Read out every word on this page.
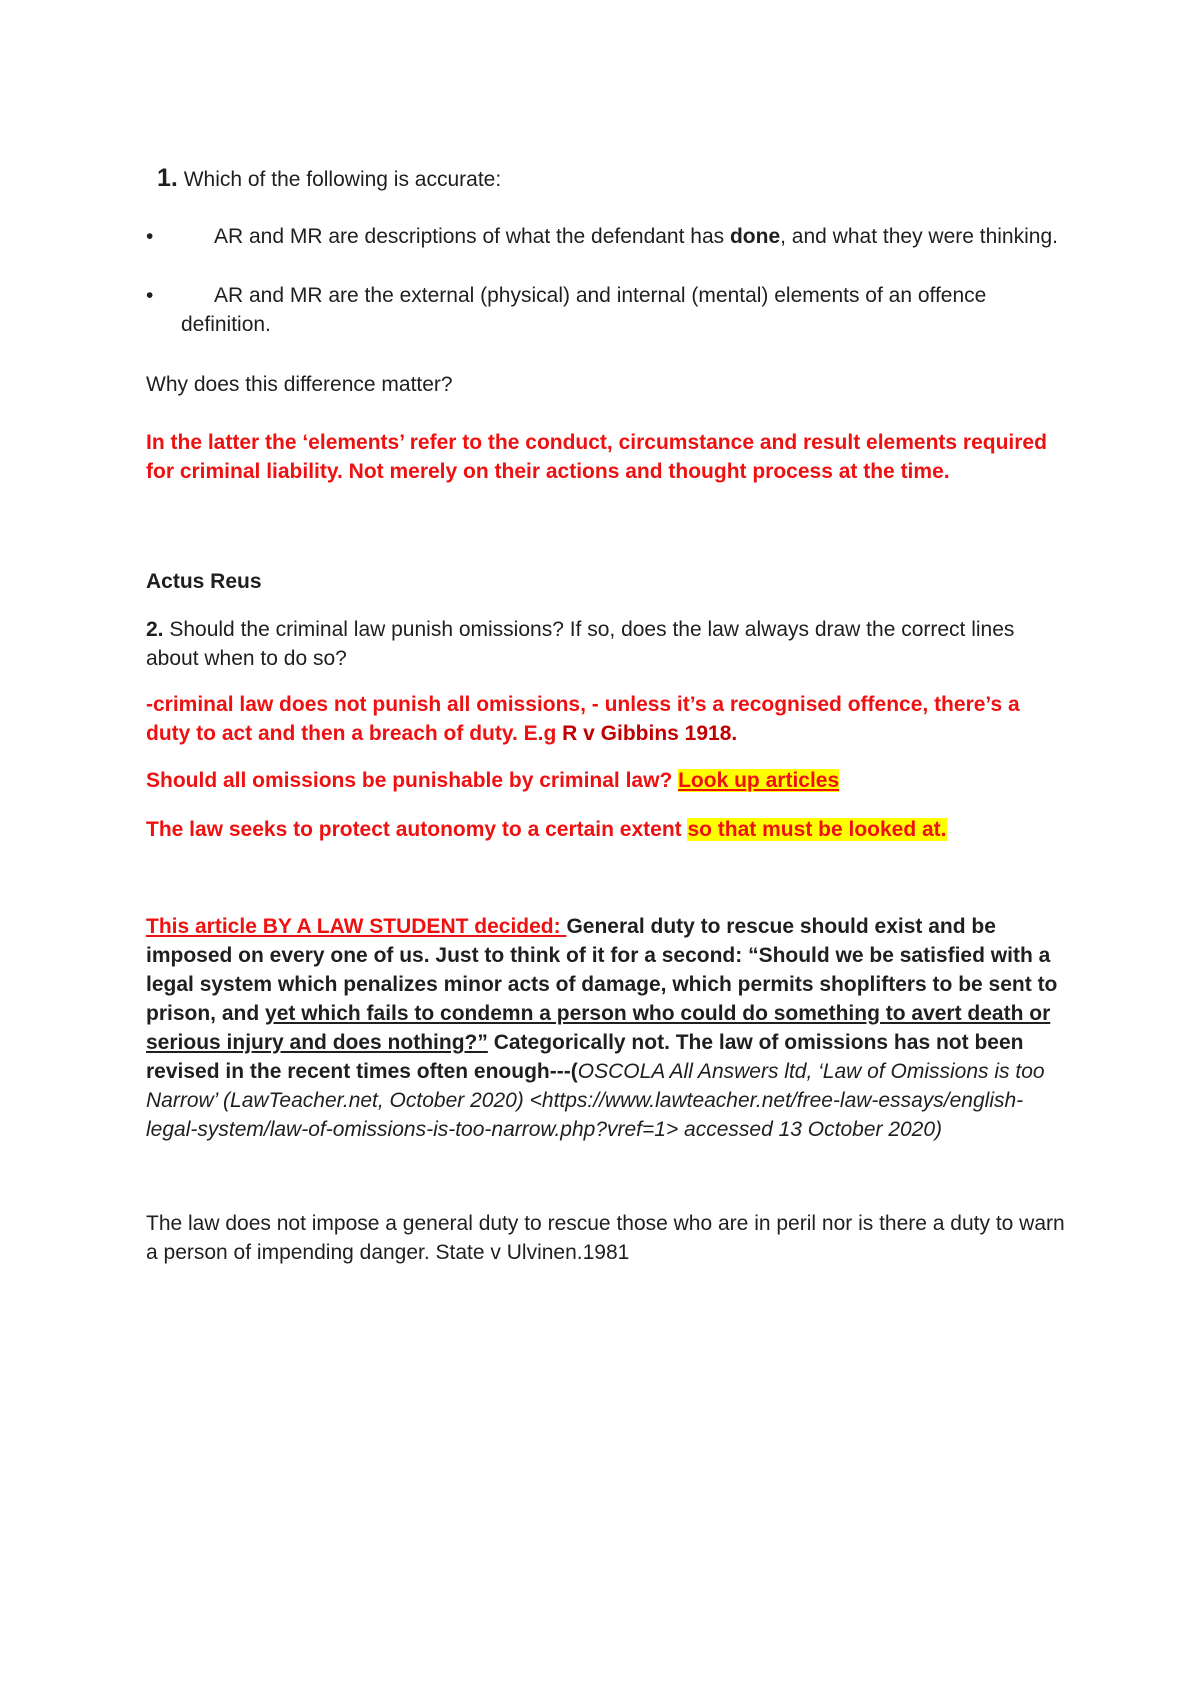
1. Which of the following is accurate:

•	AR and MR are descriptions of what the defendant has done, and what they were thinking.
•	AR and MR are the external (physical) and internal (mental) elements of an offence definition.

Why does this difference matter?

In the latter the ‘elements’ refer to the conduct, circumstance and result elements required for criminal liability. Not merely on their actions and thought process at the time.

Actus Reus

2. Should the criminal law punish omissions? If so, does the law always draw the correct lines about when to do so?

-criminal law does not punish all omissions, - unless it’s a recognised offence, there’s a duty to act and then a breach of duty. E.g R v Gibbins 1918.

Should all omissions be punishable by criminal law? Look up articles

The law seeks to protect autonomy to a certain extent so that must be looked at.

This article BY A LAW STUDENT decided: General duty to rescue should exist and be imposed on every one of us. Just to think of it for a second: “Should we be satisfied with a legal system which penalizes minor acts of damage, which permits shoplifters to be sent to prison, and yet which fails to condemn a person who could do something to avert death or serious injury and does nothing?” Categorically not. The law of omissions has not been revised in the recent times often enough---(OSCOLA All Answers ltd, ‘Law of Omissions is too Narrow’ (LawTeacher.net, October 2020) <https://www.lawteacher.net/free-law-essays/english-legal-system/law-of-omissions-is-too-narrow.php?vref=1> accessed 13 October 2020)

The law does not impose a general duty to rescue those who are in peril nor is there a duty to warn a person of impending danger. State v Ulvinen.1981
